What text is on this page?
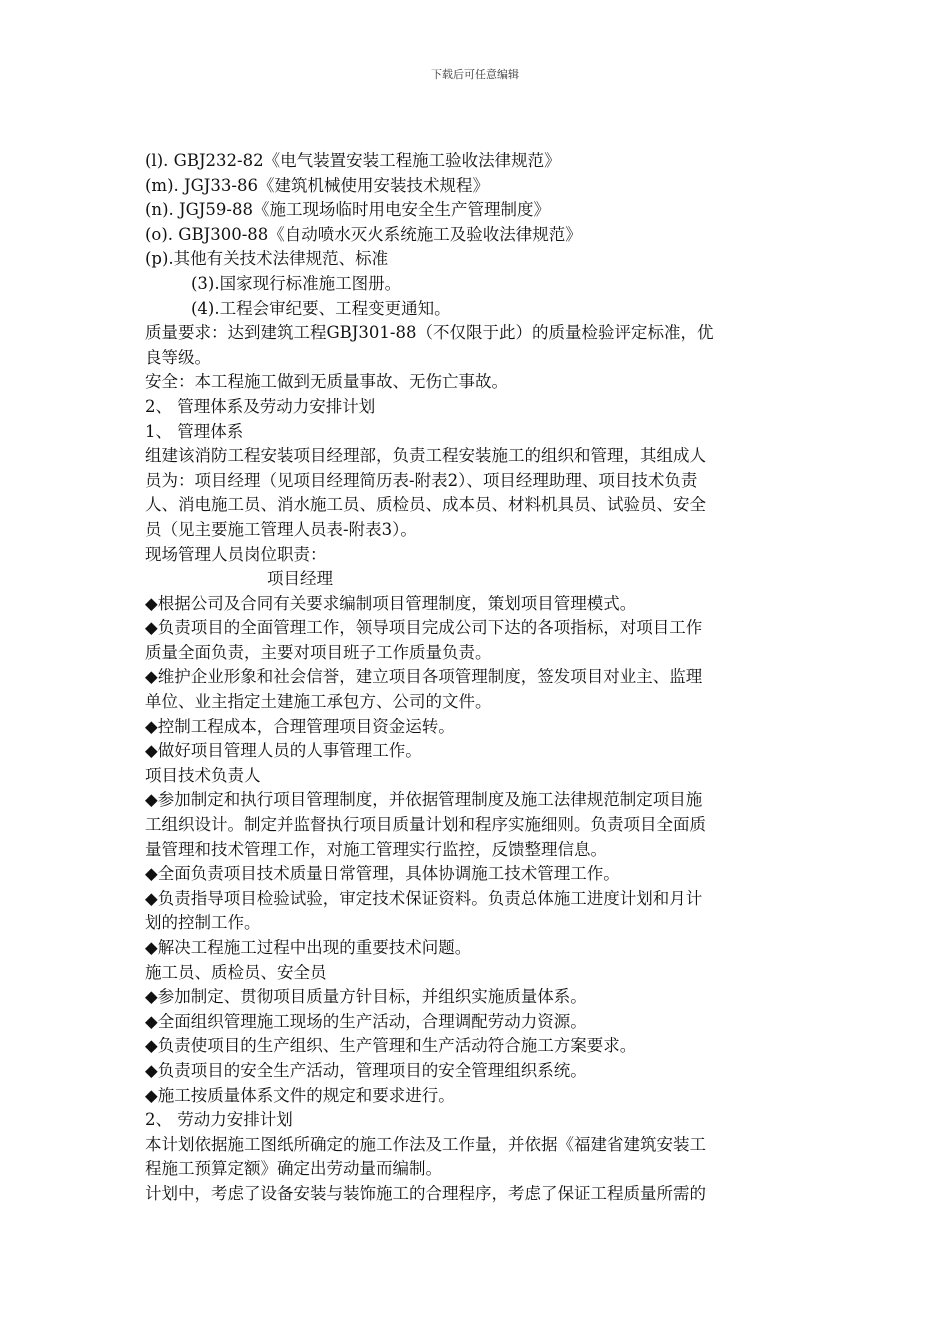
下载后可任意编辑
(l). GBJ232-82《电气装置安装工程施工验收法律规范》
(m). JGJ33-86《建筑机械使用安装技术规程》
(n). JGJ59-88《施工现场临时用电安全生产管理制度》
(o). GBJ300-88《自动喷水灭火系统施工及验收法律规范》
(p).其他有关技术法律规范、标准
(3).国家现行标准施工图册。
(4).工程会审纪要、工程变更通知。
质量要求：达到建筑工程GBJ301-88（不仅限于此）的质量检验评定标准，优
良等级。
安全：本工程施工做到无质量事故、无伤亡事故。
2、 管理体系及劳动力安排计划
1、 管理体系
组建该消防工程安装项目经理部，负责工程安装施工的组织和管理，其组成人
员为：项目经理（见项目经理简历表-附表2）、项目经理助理、项目技术负责
人、消电施工员、消水施工员、质检员、成本员、材料机具员、试验员、安全
员（见主要施工管理人员表-附表3）。
现场管理人员岗位职责：
项目经理
◆根据公司及合同有关要求编制项目管理制度，策划项目管理模式。
◆负责项目的全面管理工作，领导项目完成公司下达的各项指标，对项目工作
质量全面负责，主要对项目班子工作质量负责。
◆维护企业形象和社会信誉，建立项目各项管理制度，签发项目对业主、监理
单位、业主指定土建施工承包方、公司的文件。
◆控制工程成本，合理管理项目资金运转。
◆做好项目管理人员的人事管理工作。
项目技术负责人
◆参加制定和执行项目管理制度，并依据管理制度及施工法律规范制定项目施
工组织设计。制定并监督执行项目质量计划和程序实施细则。负责项目全面质
量管理和技术管理工作，对施工管理实行监控，反馈整理信息。
◆全面负责项目技术质量日常管理，具体协调施工技术管理工作。
◆负责指导项目检验试验，审定技术保证资料。负责总体施工进度计划和月计
划的控制工作。
◆解决工程施工过程中出现的重要技术问题。
施工员、质检员、安全员
◆参加制定、贯彻项目质量方针目标，并组织实施质量体系。
◆全面组织管理施工现场的生产活动，合理调配劳动力资源。
◆负责使项目的生产组织、生产管理和生产活动符合施工方案要求。
◆负责项目的安全生产活动，管理项目的安全管理组织系统。
◆施工按质量体系文件的规定和要求进行。
2、 劳动力安排计划
本计划依据施工图纸所确定的施工作法及工作量，并依据《福建省建筑安装工
程施工预算定额》确定出劳动量而编制。
计划中，考虑了设备安装与装饰施工的合理程序，考虑了保证工程质量所需的
